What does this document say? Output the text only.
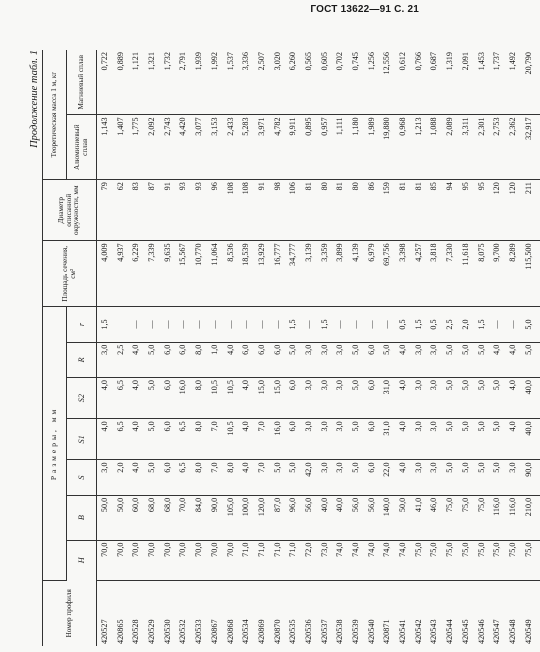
ГОСТ 13622—91 С. 21
Продолжение табл. 1
Номер профиля	Размеры, мм							Площадь сечения, см²	Диаметр описанной окружности, мм	Теоретическая масса 1 м, кг	
	H	B	S	S1	S2	R	r			Алюминиевый сплав	Магниевый сплав
420527	70,0	50,0	3,0	4,0	4,0	3,0	1,5	4,009	79	1,143	0,722
420865	70,0	50,0	2,0	6,5	6,5	2,5		4,937	62	1,407	0,889
420528	70,0	60,0	4,0	4,0	4,0	4,0	—	6,229	83	1,775	1,121
420529	70,0	68,0	5,0	5,0	5,0	5,0	—	7,339	87	2,092	1,321
420530	70,0	68,0	6,0	6,0	6,0	6,0	—	9,635	91	2,743	1,732
420532	70,0	70,0	6,5	6,5	16,0	6,0	—	15,567	93	4,420	2,791
420533	70,0	84,0	8,0	8,0	8,0	8,0	—	10,770	93	3,077	1,939
420867	70,0	90,0	7,0	7,0	10,5	1,0	—	11,064	96	3,153	1,992
420868	70,0	105,0	8,0	10,5	10,5	4,0	—	8,536	108	2,433	1,537
420534	71,0	100,0	4,0	4,0	4,0	6,0	—	18,539	108	5,283	3,336
420869	71,0	120,0	7,0	7,0	15,0	6,0	—	13,929	91	3,971	2,507
420870	71,0	87,0	5,0	16,0	15,0	6,0	—	16,777	98	4,782	3,020
420535	71,0	96,0	5,0	6,0	6,0	5,0	1,5	34,777	106	9,911	6,260
420536	72,0	56,0	42,0	3,0	3,0	3,0	—	3,139	81	0,895	0,565
420537	73,0	40,0	3,0	3,0	3,0	3,0	1,5	3,359	80	0,957	0,605
420538	74,0	40,0	3,0	3,0	3,0	3,0	—	3,899	81	1,111	0,702
420539	74,0	56,0	5,0	5,0	5,0	5,0	—	4,139	80	1,180	0,745
420540	74,0	56,0	6,0	6,0	6,0	6,0	—	6,979	86	1,989	1,256
420871	74,0	140,0	22,0	31,0	31,0	5,0	—	69,756	159	19,880	12,556
420541	74,0	50,0	4,0	4,0	4,0	4,0	0,5	3,398	81	0,968	0,612
420542	75,0	41,0	3,0	3,0	3,0	3,0	1,5	4,257	81	1,213	0,766
420543	75,0	46,0	3,0	3,0	3,0	3,0	0,5	3,818	85	1,088	0,687
420544	75,0	75,0	5,0	5,0	5,0	5,0	2,5	7,330	94	2,089	1,319
420545	75,0	75,0	5,0	5,0	5,0	5,0	2,0	11,618	95	3,311	2,091
420546	75,0	75,0	5,0	5,0	5,0	5,0	1,5	8,075	95	2,301	1,453
420547	75,0	116,0	5,0	5,0	5,0	4,0	—	9,700	120	2,753	1,737
420548	75,0	116,0	3,0	4,0	4,0	4,0	—	8,289	120	2,362	1,492
420549	75,0	210,0	90,0	40,0	40,0	5,0	5,0	115,500	211	32,917	20,790
